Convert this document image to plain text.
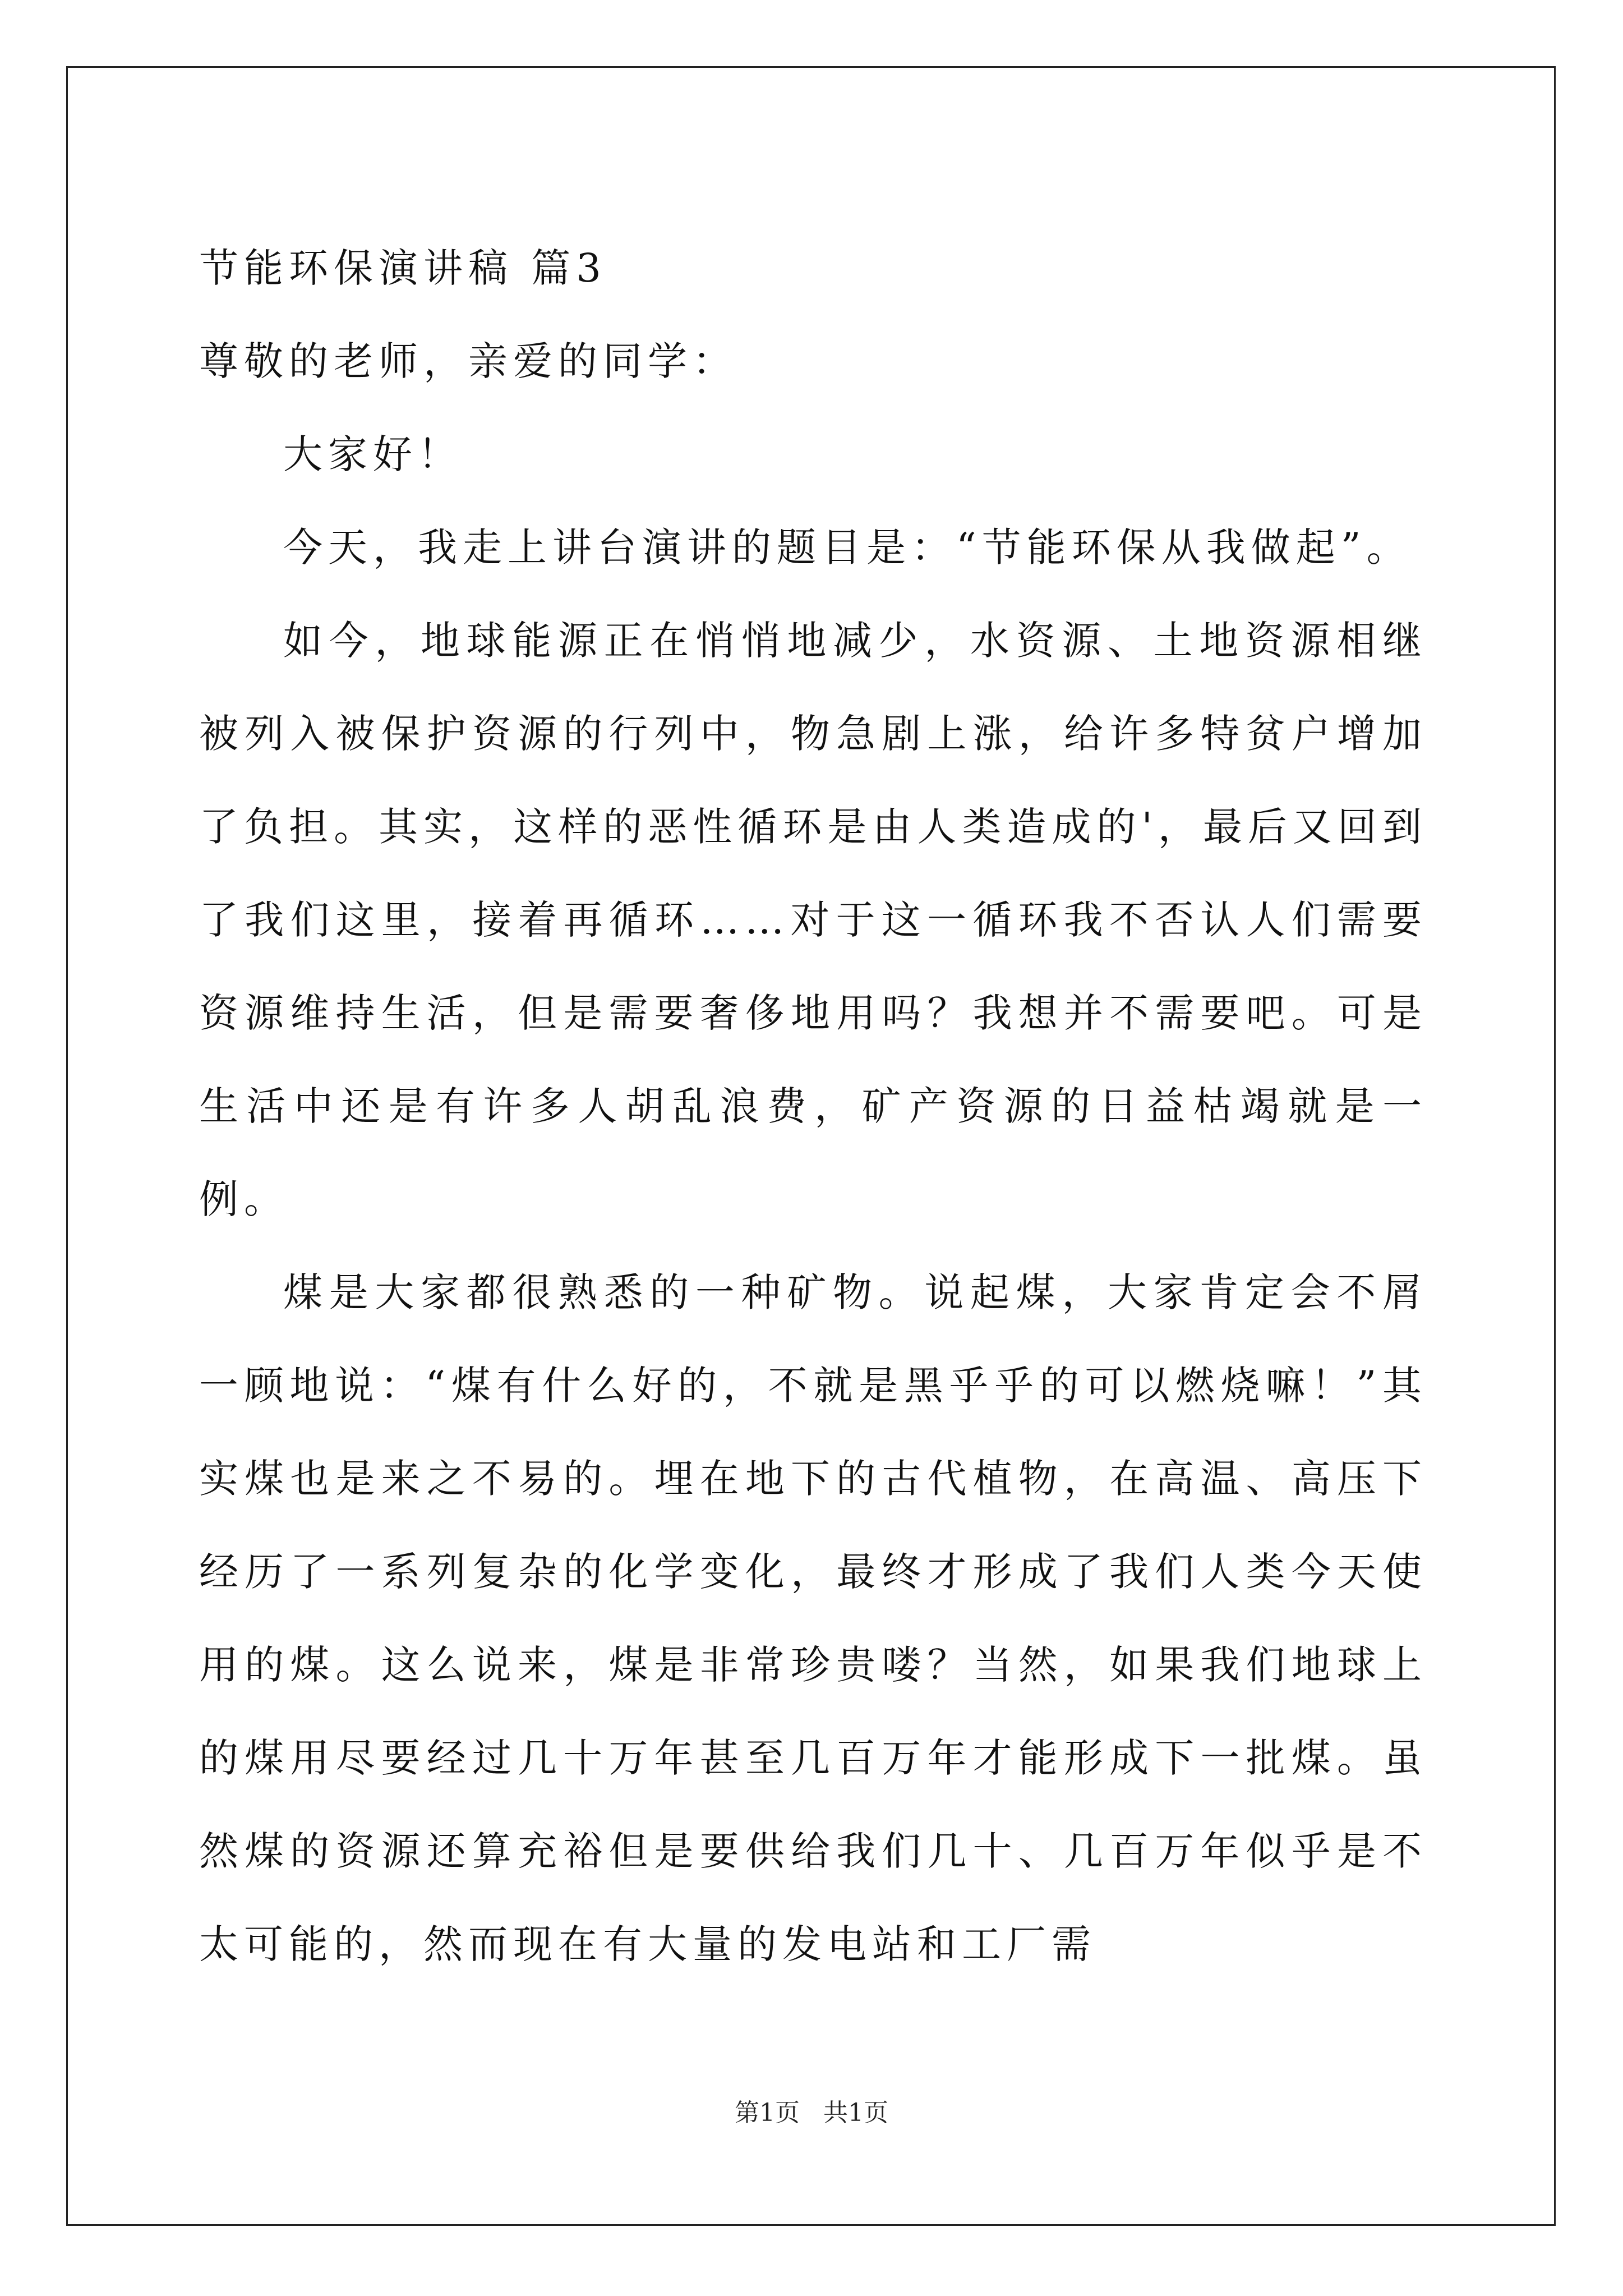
节能环保演讲稿 篇3

尊敬的老师，亲爱的同学：

大家好！

今天，我走上讲台演讲的题目是：“节能环保从我做起”。

如今，地球能源正在悄悄地减少，水资源、土地资源相继被列入被保护资源的行列中，物急剧上涨，给许多特贫户增加了负担。其实，这样的恶性循环是由人类造成的'，最后又回到了我们这里，接着再循环……对于这一循环我不否认人们需要资源维持生活，但是需要奢侈地用吗？我想并不需要吧。可是生活中还是有许多人胡乱浪费，矿产资源的日益枯竭就是一例。

煤是大家都很熟悉的一种矿物。说起煤，大家肯定会不屑一顾地说：“煤有什么好的，不就是黑乎乎的可以燃烧嘛！”其实煤也是来之不易的。埋在地下的古代植物，在高温、高压下经历了一系列复杂的化学变化，最终才形成了我们人类今天使用的煤。这么说来，煤是非常珍贵喽？当然，如果我们地球上的煤用尽要经过几十万年甚至几百万年才能形成下一批煤。虽然煤的资源还算充裕但是要供给我们几十、几百万年似乎是不太可能的，然而现在有大量的发电站和工厂需

第1页   共1页
